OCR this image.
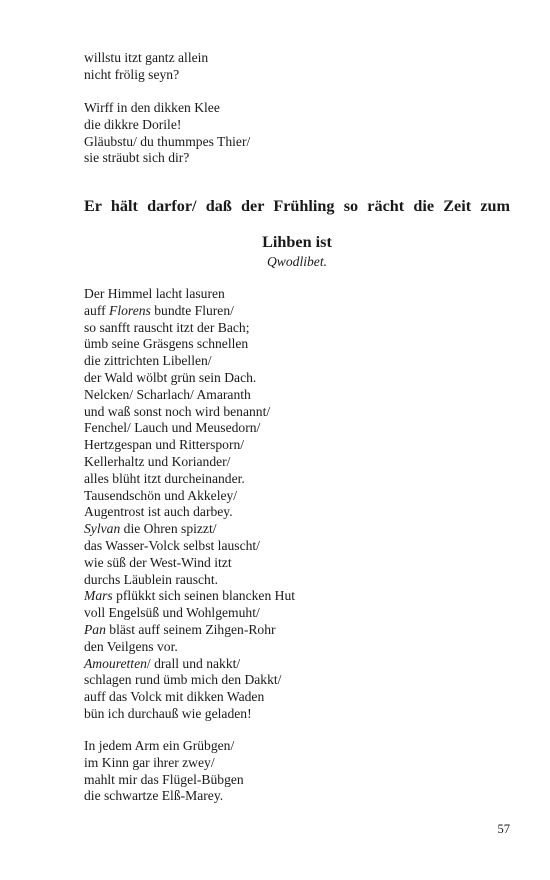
willstu itzt gantz allein
nicht frölig seyn?
Wirff in den dikken Klee
die dikkre Dorile!
Gläubstu/ du thummpes Thier/
sie sträubt sich dir?
Er hält darfor/ daß der Frühling so rächt die Zeit zum
Lihben ist

Qwodlibet.

Der Himmel lacht lasuren
auff Florens bundte Fluren/
so sanfft rauscht itzt der Bach;
ümb seine Gräsgens schnellen
die zittrichten Libellen/
der Wald wölbt grün sein Dach.
Nelcken/ Scharlach/ Amaranth
und waß sonst noch wird benannt/
Fenchel/ Lauch und Meusedorn/
Hertzgespan und Rittersporn/
Kellerhaltz und Koriander/
alles blüht itzt durcheinander.
Tausendschön und Akkeley/
Augentrost ist auch darbey.
Sylvan die Ohren spizzt/
das Wasser-Volck selbst lauscht/
wie süß der West-Wind itzt
durchs Läublein rauscht.
Mars pflükkt sich seinen blancken Hut
voll Engelsüß und Wohlgemuht/
Pan bläst auff seinem Zihgen-Rohr
den Veilgens vor.
Amouretten/ drall und nakkt/
schlagen rund ümb mich den Dakkt/
auff das Volck mit dikken Waden
bün ich durchauß wie geladen!
In jedem Arm ein Grübgen/
im Kinn gar ihrer zwey/
mahlt mir das Flügel-Bübgen
die schwartze Elß-Marey.
57
